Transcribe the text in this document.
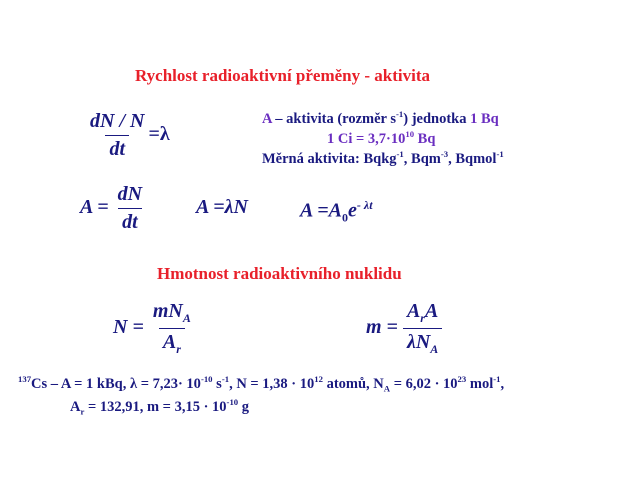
Rychlost radioaktivní přeměny - aktivita
$\frac{dN / N}{dt} =\lambda$
A – aktivita (rozměr $s^{-1}$) jednotka 1 Bq
1 $Ci = 3,7\cdot 10^{10}$ Bq
Měrná aktivita: Bqkg$^{-1}$, Bqm$^{-3}$, Bqmol$^{-1}$
$A = \frac{dN}{dt}$ A =λN	$A =A_0e^{- \lambda t}$
Hmotnost radioaktivního nuklidu
$N = \frac{mN_A}{A_r}$	$m = \frac{A_rA}{\lambda N_A}$
$^{137}$Cs – A = 1 kBq, $\lambda = 7,23\cdot 10^{-10}$ $s^{-1}$, $N = 1,38 \cdot 10^{12}$ atomů, $N_A = 6,02 \cdot 10^{23}$ mol$^{-1}$,
$A_r = 132,91$, $m = 3,15 \cdot 10^{-10}$ g
